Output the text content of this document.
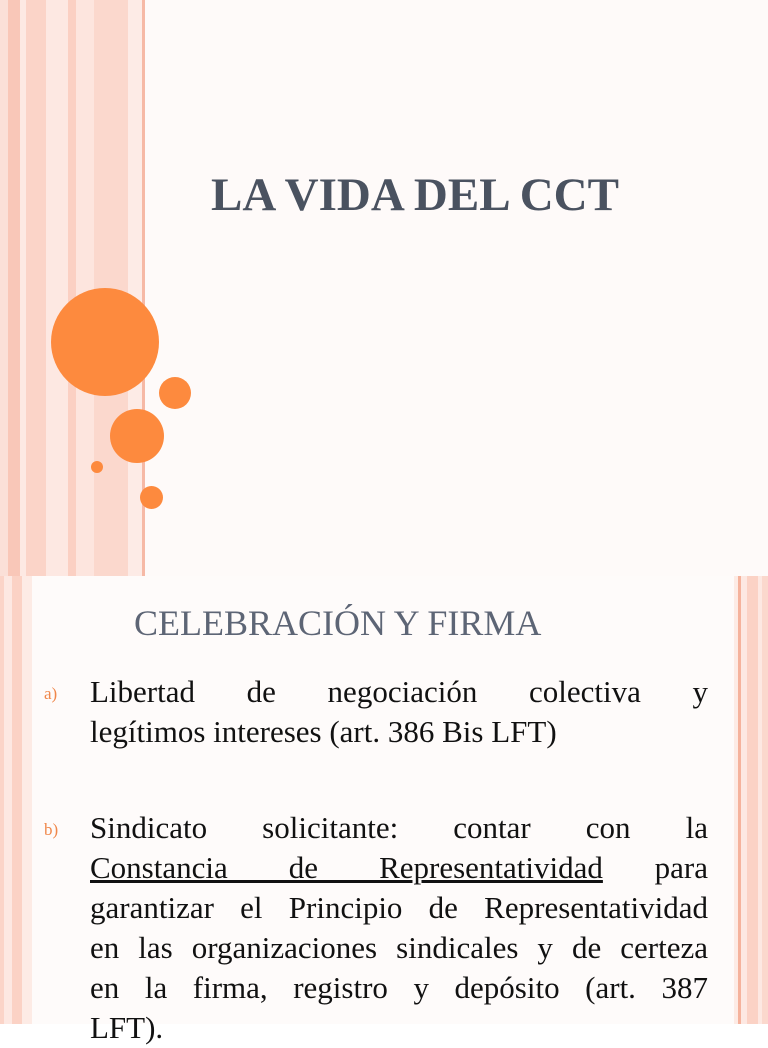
LA VIDA DEL CCT
CELEBRACIÓN Y FIRMA
a) Libertad de negociación colectiva y
legítimos intereses (art. 386 Bis LFT)
b) Sindicato solicitante: contar con la
Constancia de Representatividad para
garantizar el Principio de Representatividad
en las organizaciones sindicales y de certeza
en la firma, registro y depósito (art. 387
LFT).
